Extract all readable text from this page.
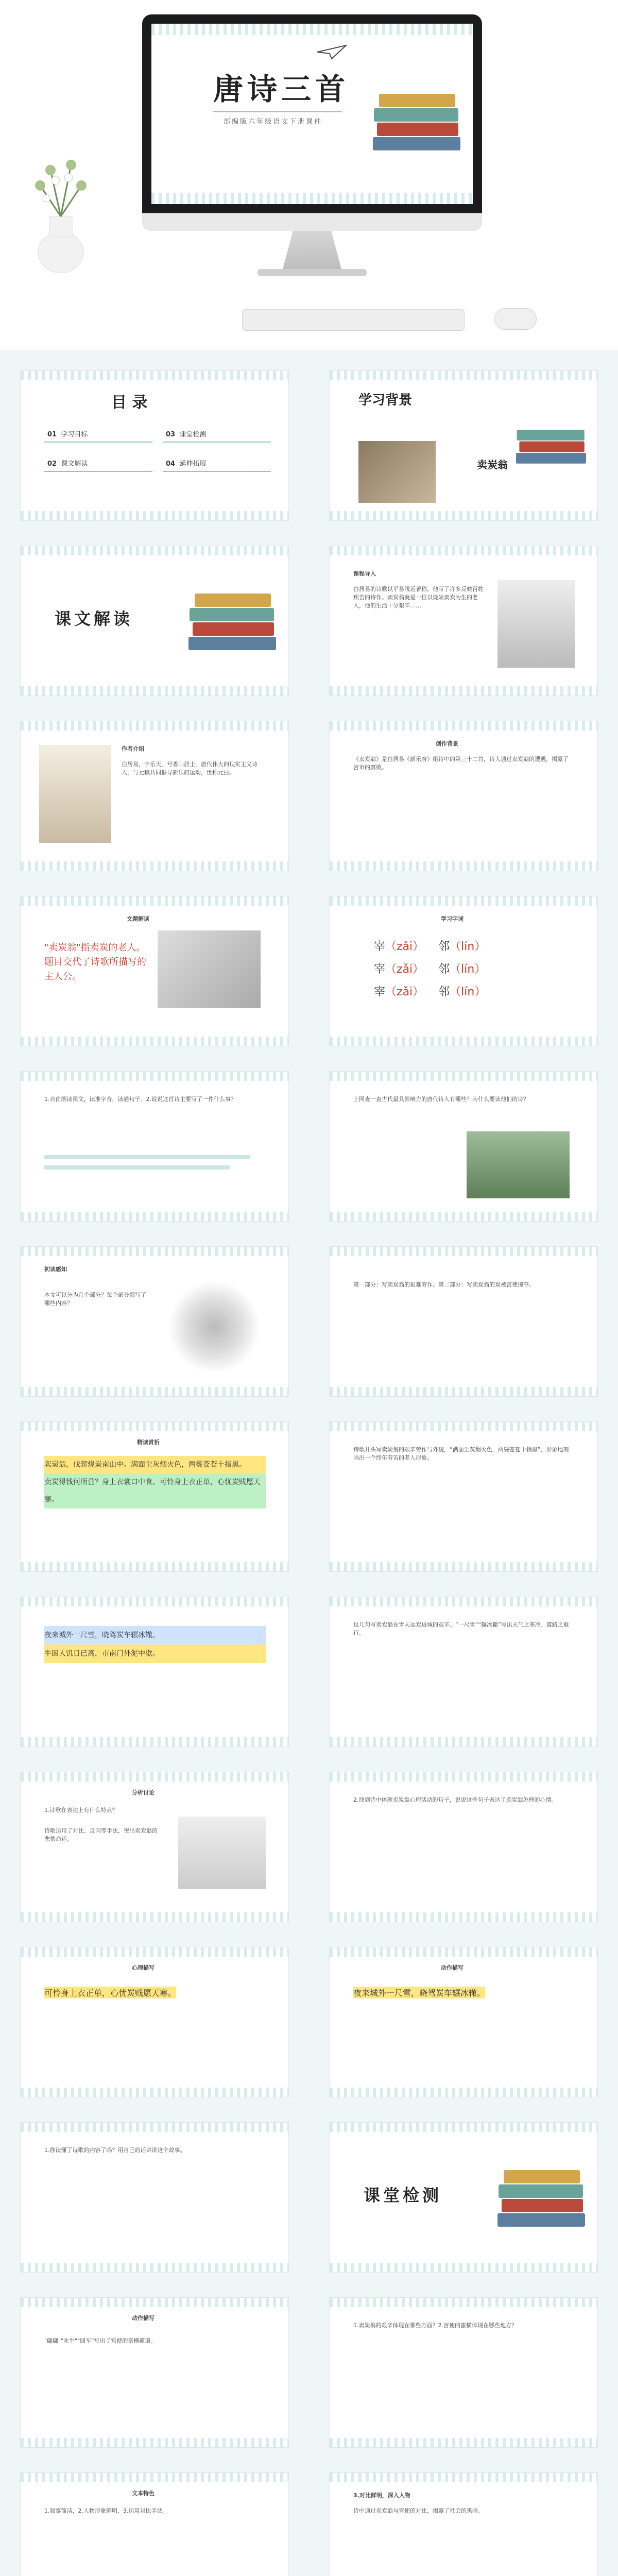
唐诗三首
部编版六年级语文下册课件
目 录
01 学习目标	03 课堂检测
02 课文解读	04 延伸拓展
学习背景
卖炭翁
课文解读
课程导入
白居易的诗歌以平易浅近著称，他写了许多反映百姓疾苦的诗作。卖炭翁就是一位以烧炭卖炭为生的老人，他的生活十分艰辛……
作者介绍
白居易，字乐天，号香山居士，唐代伟大的现实主义诗人，与元稹共同倡导新乐府运动，世称元白。
创作背景
《卖炭翁》是白居易《新乐府》组诗中的第三十二首，诗人通过卖炭翁的遭遇，揭露了宫市的腐败。
文题解读
"卖炭翁"指卖炭的老人。题目交代了诗歌所描写的主人公。
学习字词
宰（zǎi） 邻（lín）
宰（zǎi） 邻（lín）
宰（zǎi） 邻（lín）
1.自由朗读课文，读准字音，读通句子。2.说说这首诗主要写了一件什么事？	上网查一查古代最具影响力的唐代诗人有哪些？为什么要读他们的诗？
初读感知
本文可以分为几个部分？每个部分都写了哪些内容？
第一部分：写卖炭翁的艰难劳作。第二部分：写卖炭翁的炭被宫使掠夺。
精读赏析
卖炭翁，伐薪烧炭南山中。满面尘灰烟火色，两鬓苍苍十指黑。
卖炭得钱何所营？身上衣裳口中食。可怜身上衣正单，心忧炭贱愿天寒。
诗歌开头写卖炭翁的艰辛劳作与外貌，“满面尘灰烟火色，两鬓苍苍十指黑”，形象地刻画出一个终年劳苦的老人形象。
夜来城外一尺雪，晓驾炭车辗冰辙。
牛困人饥日已高，市南门外泥中歇。
这几句写卖炭翁在雪天运炭进城的艰辛。“一尺雪”“辗冰辙”写出天气之寒冷、道路之难行。
分析讨论
1.诗歌在表达上有什么特点？
诗歌运用了对比、反问等手法，突出卖炭翁的悲惨命运。
2.找到诗中体现卖炭翁心理活动的句子，说说这些句子表达了卖炭翁怎样的心情。
心理描写
可怜身上衣正单，心忧炭贱愿天寒。
动作描写
夜来城外一尺雪，晓驾炭车辗冰辙。
1.你读懂了诗歌的内容了吗？用自己的话讲讲这个故事。
课堂检测
动作描写
"翩翩""叱牛""回车"写出了宫使的蛮横霸道。
1.卖炭翁的艰辛体现在哪些方面？2.宫使的蛮横体现在哪些地方？
文本特色
1.叙事简洁，2.人物形象鲜明，3.运用对比手法。
3.对比鲜明，深入人物
诗中通过卖炭翁与宫使的对比，揭露了社会的黑暗。
